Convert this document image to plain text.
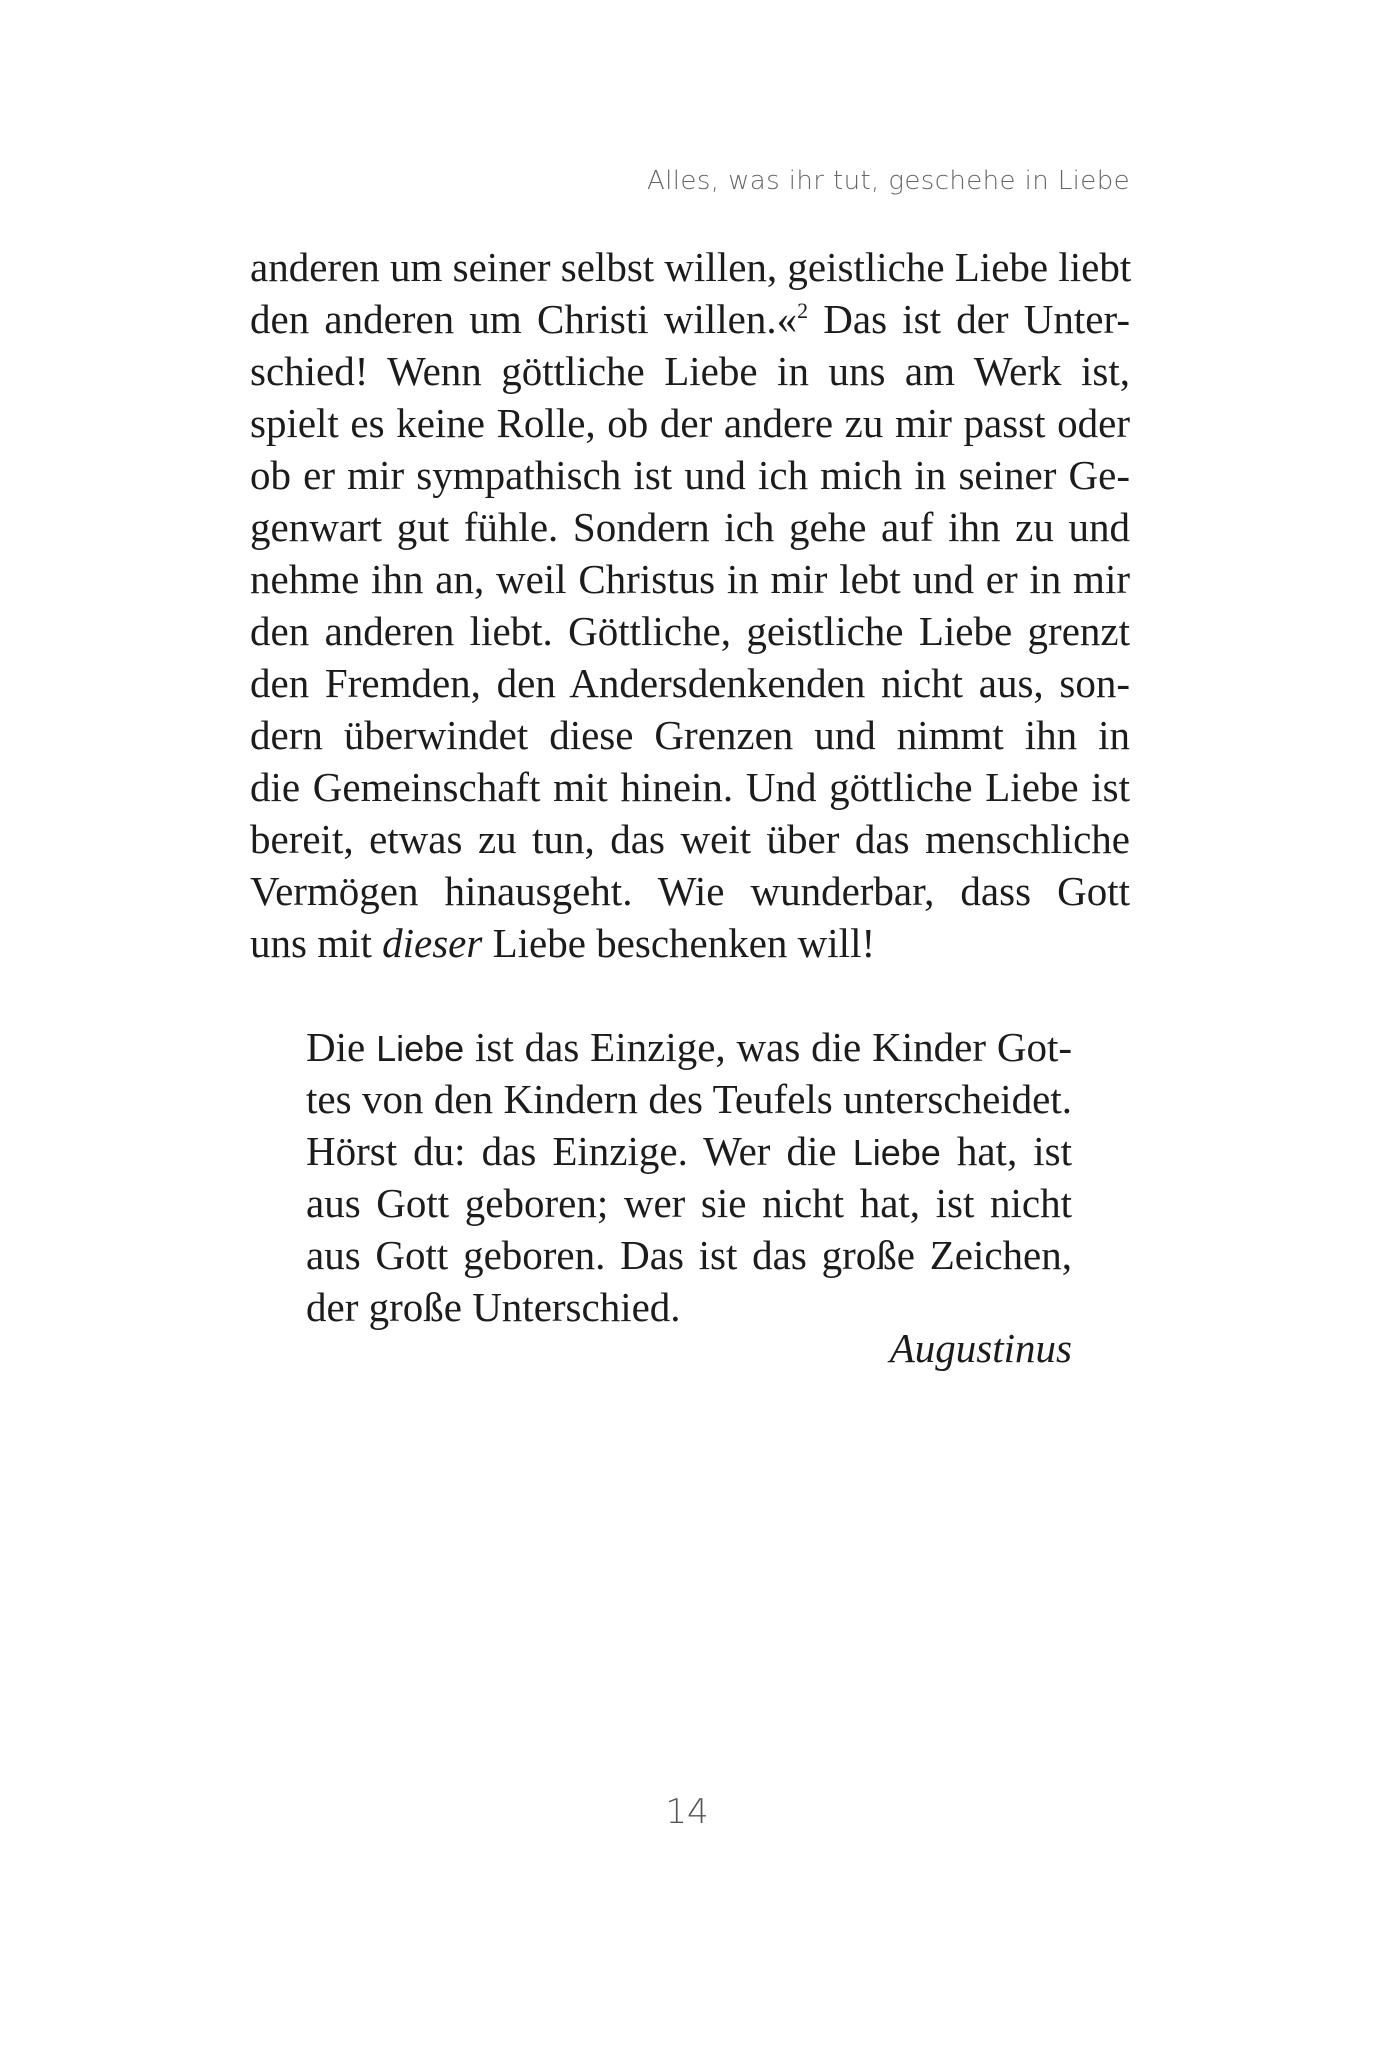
Alles, was ihr tut, geschehe in Liebe
anderen um seiner selbst willen, geistliche Liebe liebt
den anderen um Christi willen.«$^2$ Das ist der Unter-
schied! Wenn göttliche Liebe in uns am Werk ist,
spielt es keine Rolle, ob der andere zu mir passt oder
ob er mir sympathisch ist und ich mich in seiner Ge-
genwart gut fühle. Sondern ich gehe auf ihn zu und
nehme ihn an, weil Christus in mir lebt und er in mir
den anderen liebt. Göttliche, geistliche Liebe grenzt
den Fremden, den Andersdenkenden nicht aus, son-
dern überwindet diese Grenzen und nimmt ihn in
die Gemeinschaft mit hinein. Und göttliche Liebe ist
bereit, etwas zu tun, das weit über das menschliche
Vermögen hinausgeht. Wie wunderbar, dass Gott
uns mit dieser Liebe beschenken will!
Die Liebe ist das Einzige, was die Kinder Got-
tes von den Kindern des Teufels unterscheidet.
Hörst du: das Einzige. Wer die Liebe hat, ist
aus Gott geboren; wer sie nicht hat, ist nicht
aus Gott geboren. Das ist das große Zeichen,
der große Unterschied.
Augustinus
14
